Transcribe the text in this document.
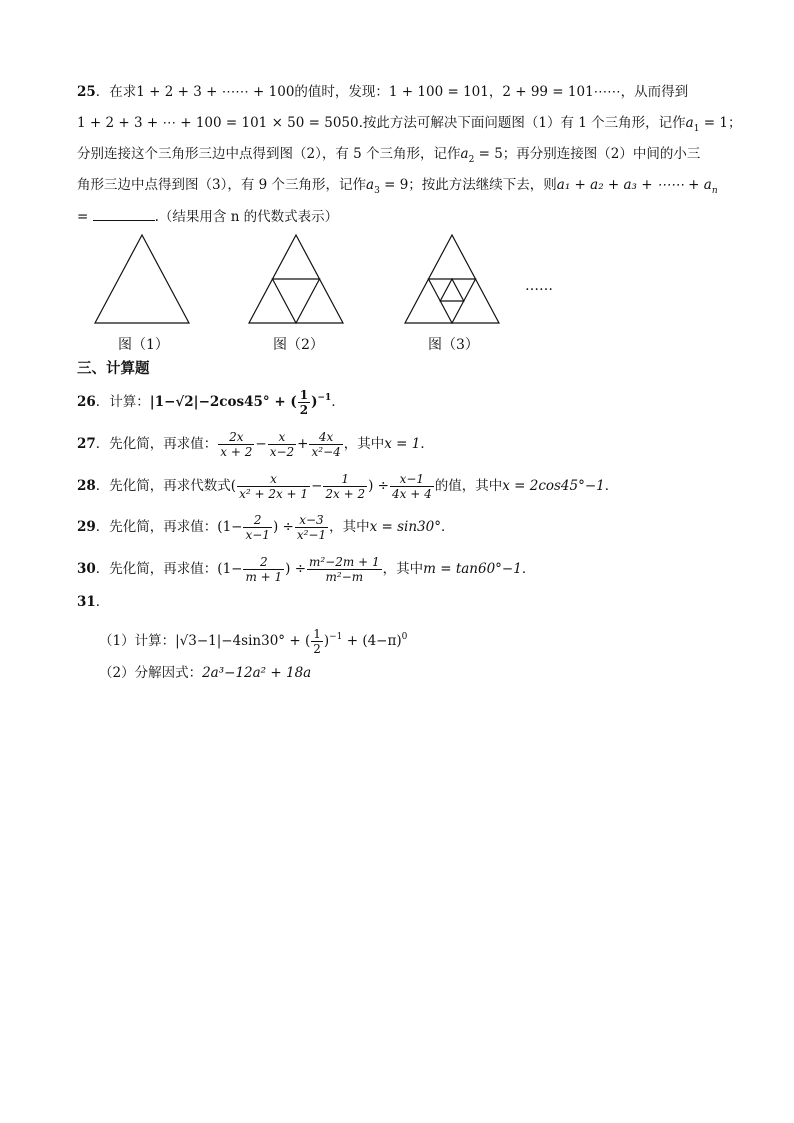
25．在求1 + 2 + 3 + ⋯⋯ + 100的值时，发现：1 + 100 = 101，2 + 99 = 101⋯⋯，从而得到
1 + 2 + 3 + ⋯ + 100 = 101 × 50 = 5050.按此方法可解决下面问题图（1）有 1 个三角形，记作$a_1 = 1$；
分别连接这个三角形三边中点得到图（2），有 5 个三角形，记作$a_2 = 5$；再分别连接图（2）中间的小三
角形三边中点得到图（3），有 9 个三角形，记作$a_3 = 9$；按此方法继续下去，则a₁ + a₂ + a₃ + ⋯⋯ + $a_n$
=	.（结果用含 n 的代数式表示）
……
图（1）	图（2）	图（3）
三、计算题
26．计算：|1−√2|−2cos45° + ( $\frac{1}{2} )^{-1}$．
27．先化简，再求值： $\frac{2x}{x + 2} - \frac{x}{x-2} + \frac{4x}{\text{x²−4}}$ ，其中x = 1．
28．先化简，再求代数式( $\frac{x}{\text{x² + 2x + 1}} - \frac{1}{2x + 2}$ ) ÷ $\frac{x-1}{4x + 4}$ 的值，其中x = 2cos45°−1．
29．先化简，再求值：($1- \frac{2}{x-1}$ ) ÷ $\frac{x-3}{\text{x²−1}}$ ，其中x = sin30°．
30．先化简，再求值：($1- \frac{2}{m + 1}$ ) ÷ $\frac{\text{m²−2m + 1}}{\text{m²−m}}$ ，其中m = tan60°−1．
31．
（1）计算：|√3−1|−4sin30° + ( $\frac{1}{2} )^{-1} + (4-\pi)^0$
（2）分解因式：2a³−12a² + 18a
